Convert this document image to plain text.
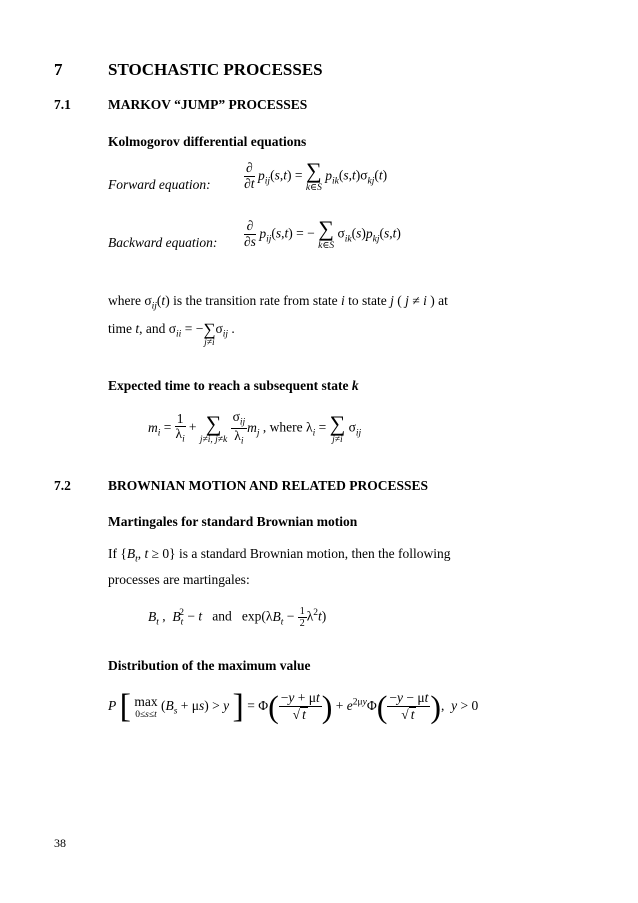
7	STOCHASTIC PROCESSES
7.1	MARKOV “JUMP” PROCESSES
Kolmogorov differential equations
Forward equation: $\frac{\partial}{\partial t} p_{ij}(s,t)$ = ∑
k∈S
$p_{ik}(s,t)\sigma_{kj}(t)$
Backward equation: $\frac{\partial}{\partial s} p_{ij}(s,t)$ = − ∑
k∈S
$\sigma_{ik}(s)p_{kj}(s,t)$
where $\sigma_{ij}(t)$ is the transition rate from state i to state j ( j ≠ i ) at
time t, and $\sigma_{ii}$ = − ∑
j≠i
$\sigma_{ij}$ .
Expected time to reach a subsequent state k
$m_i = \frac{1}{\lambda_i}$ + ∑
j≠i, j≠k
$\frac{\sigma_{ij}}{\lambda_i} m_j$ , where $\lambda_i$ = ∑
j≠i
$\sigma_{ij}$
7.2	BROWNIAN MOTION AND RELATED PROCESSES
Martingales for standard Brownian motion
If {$B_t$, t ≥ 0} is a standard Brownian motion, then the following
processes are martingales:
$B_t$ ,  $B_t^2 - t$ and   $\exp(\lambda B_t - \frac{1}{2} \lambda^2t)$
Distribution of the maximum value
P [ max
0≤s≤t
$(B_s + \mu s) > y$ ] = $\Phi( \frac{-y + \mu t}{√ t}$ ) + $e^{2\mu y}\Phi( \frac{-y - \mu t}{√ t}$ ),  y > 0
38
